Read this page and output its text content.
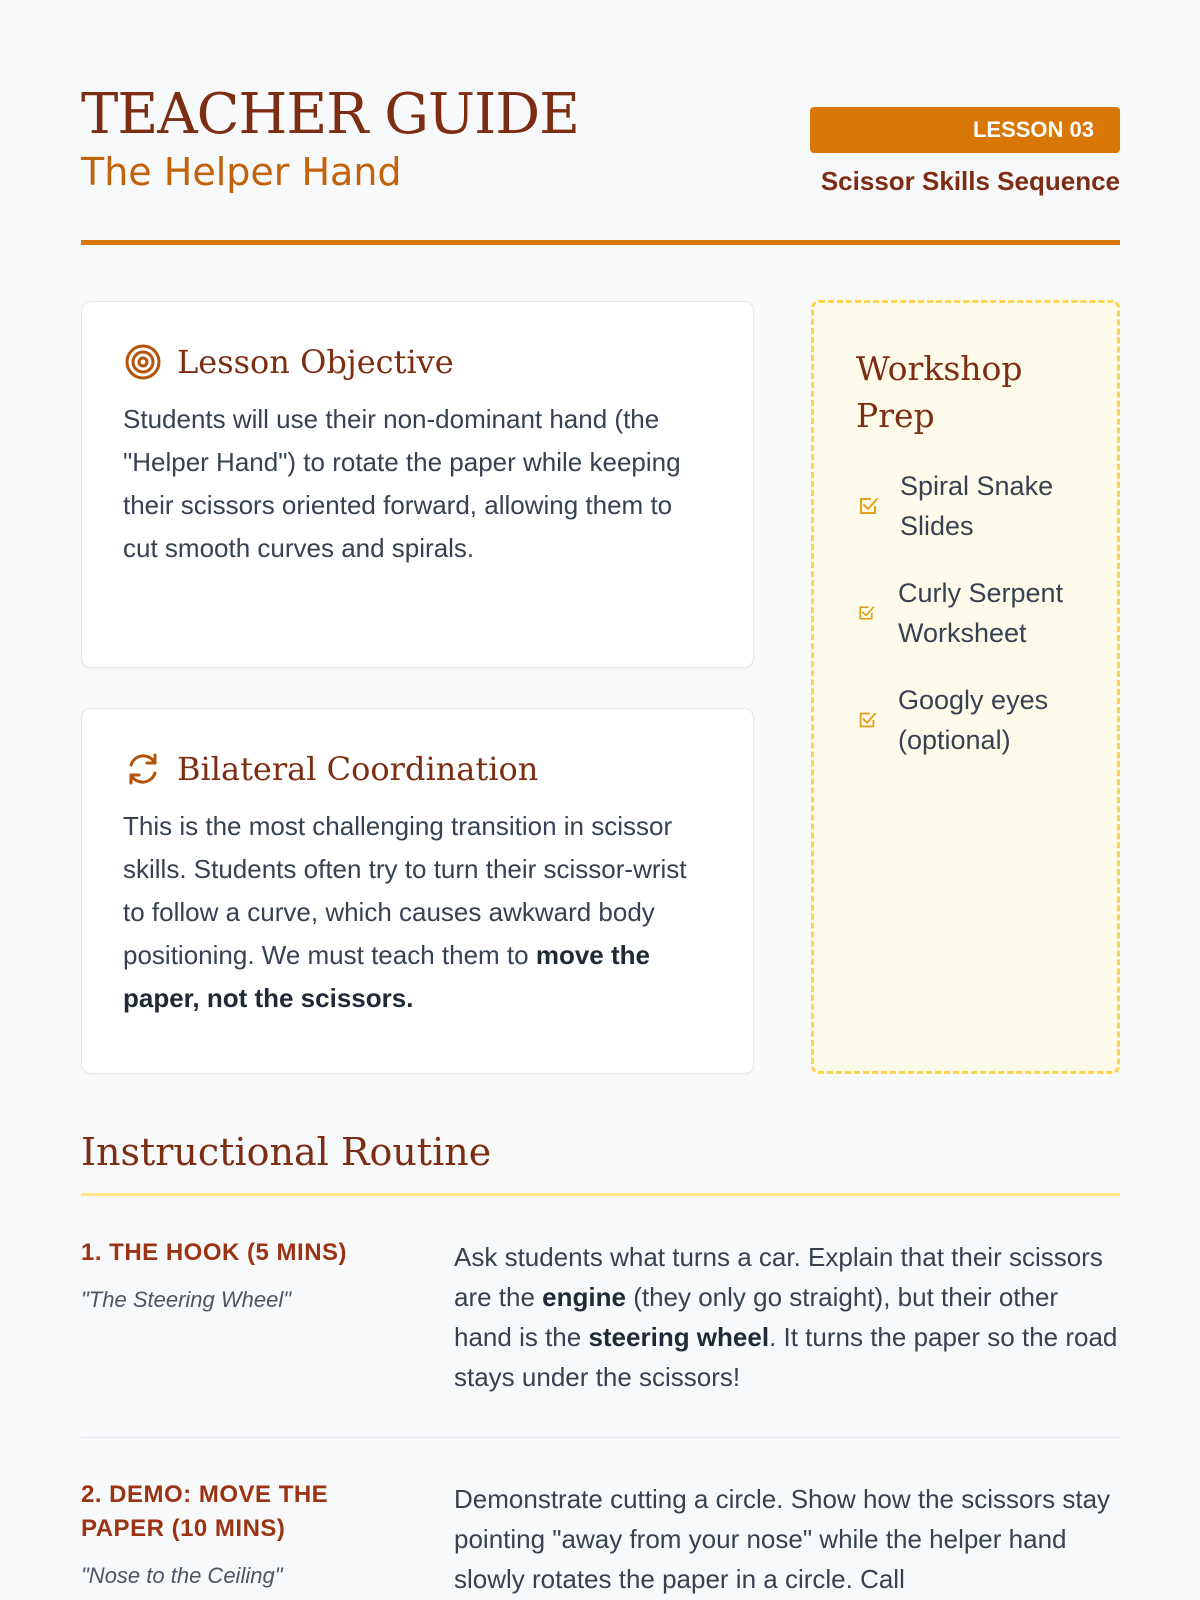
TEACHER GUIDE
The Helper Hand
LESSON 03
Scissor Skills Sequence
Lesson Objective

Students will use their non-dominant hand (the "Helper Hand") to rotate the paper while keeping their scissors oriented forward, allowing them to cut smooth curves and spirals.

Bilateral Coordination

This is the most challenging transition in scissor skills. Students often try to turn their scissor-wrist to follow a curve, which causes awkward body positioning. We must teach them to move the paper, not the scissors.

Workshop Prep
Spiral Snake Slides
Curly Serpent Worksheet
Googly eyes (optional)
Instructional Routine
1. THE HOOK (5 MINS)
"The Steering Wheel"
Ask students what turns a car. Explain that their scissors are the engine (they only go straight), but their other hand is the steering wheel. It turns the paper so the road stays under the scissors!
2. DEMO: MOVE THE PAPER (10 MINS)
"Nose to the Ceiling"
Demonstrate cutting a circle. Show how the scissors stay pointing "away from your nose" while the helper hand slowly rotates the paper in a circle. Call
